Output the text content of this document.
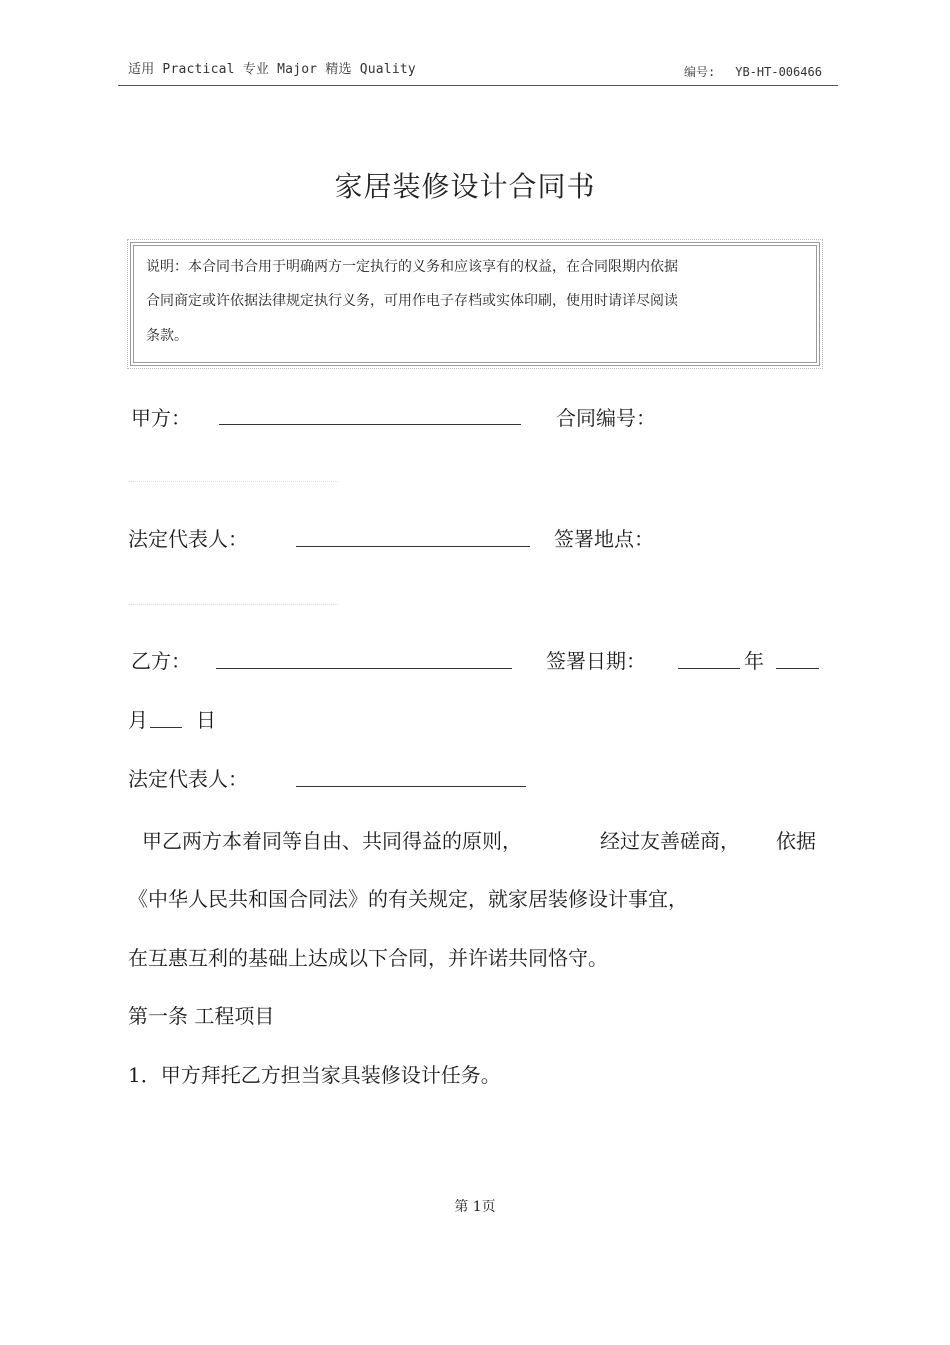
适用 Practical 专业 Major 精选 Quality	编号: YB-HT-006466
家居装修设计合同书
说明：本合同书合用于明确两方一定执行的义务和应该享有的权益，在合同限期内依据
合同商定或许依据法律规定执行义务，可用作电子存档或实体印刷，使用时请详尽阅读
条款。
甲方：	合同编号：
法定代表人：	签署地点：
乙方：	签署日期：	年
月 日
法定代表人：
甲乙两方本着同等自由、共同得益的原则，	经过友善磋商， 依据
《中华人民共和国合同法》的有关规定，就家居装修设计事宜，
在互惠互利的基础上达成以下合同，并许诺共同恪守。
第一条 工程项目
1．甲方拜托乙方担当家具装修设计任务。
第 1页
